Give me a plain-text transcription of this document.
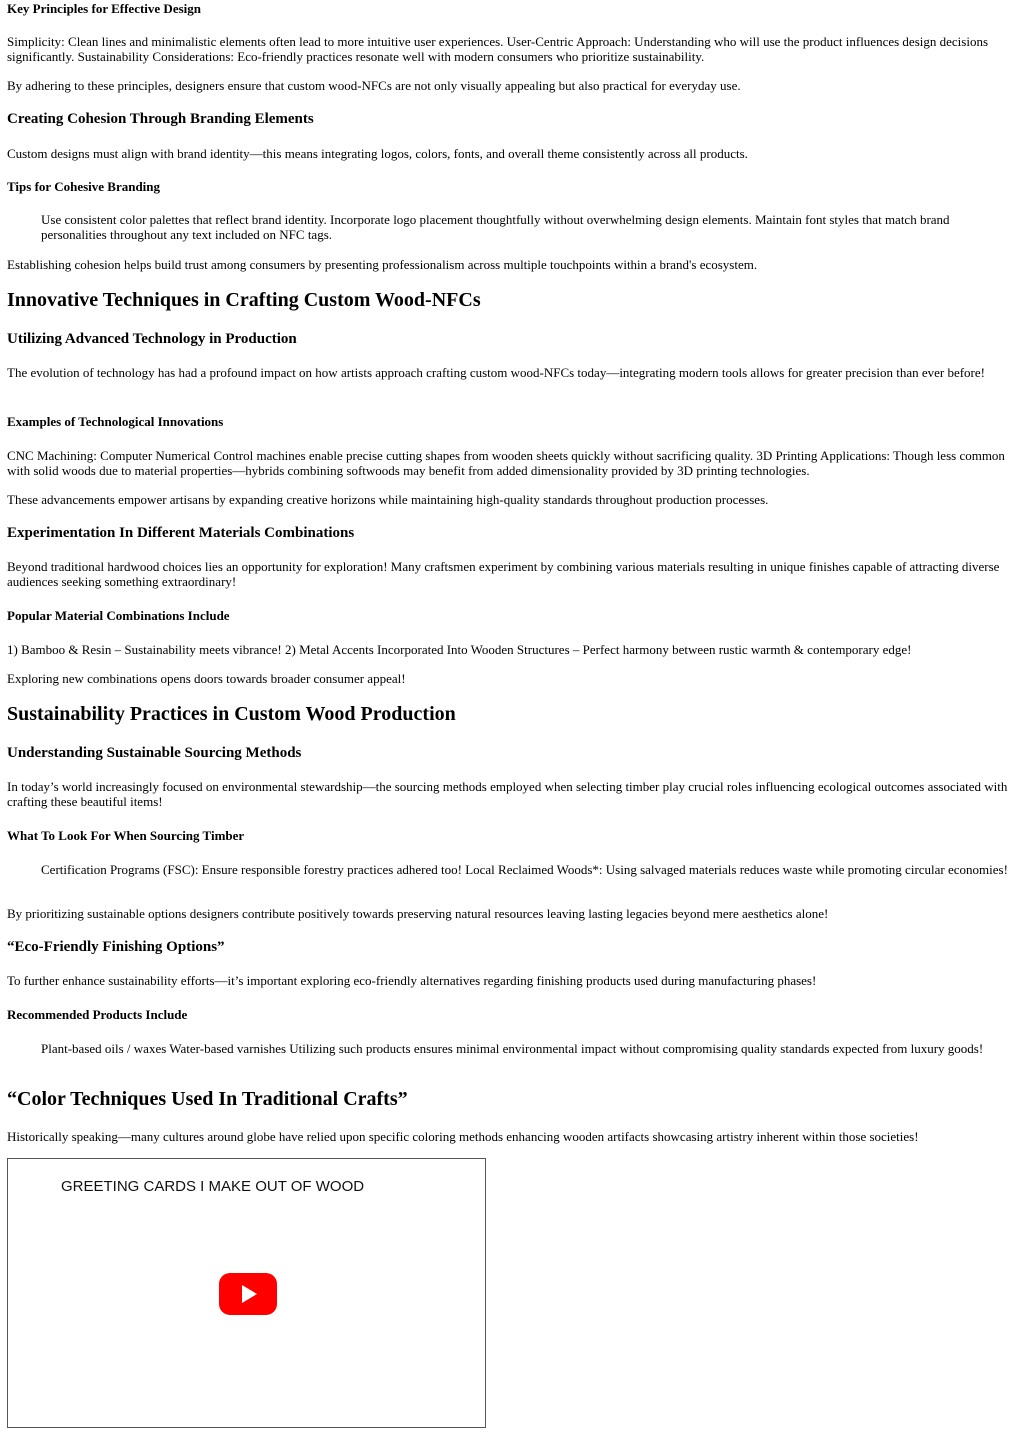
Key Principles for Effective Design

Simplicity: Clean lines and minimalistic elements often lead to more intuitive user experiences. User-Centric Approach: Understanding who will use the product influences design decisions significantly. Sustainability Considerations: Eco-friendly practices resonate well with modern consumers who prioritize sustainability.

By adhering to these principles, designers ensure that custom wood-NFCs are not only visually appealing but also practical for everyday use.

Creating Cohesion Through Branding Elements

Custom designs must align with brand identity—this means integrating logos, colors, fonts, and overall theme consistently across all products.

Tips for Cohesive Branding

Use consistent color palettes that reflect brand identity. Incorporate logo placement thoughtfully without overwhelming design elements. Maintain font styles that match brand personalities throughout any text included on NFC tags.

Establishing cohesion helps build trust among consumers by presenting professionalism across multiple touchpoints within a brand's ecosystem.

Innovative Techniques in Crafting Custom Wood-NFCs

Utilizing Advanced Technology in Production

The evolution of technology has had a profound impact on how artists approach crafting custom wood-NFCs today—integrating modern tools allows for greater precision than ever before!

Examples of Technological Innovations

CNC Machining: Computer Numerical Control machines enable precise cutting shapes from wooden sheets quickly without sacrificing quality. 3D Printing Applications: Though less common with solid woods due to material properties—hybrids combining softwoods may benefit from added dimensionality provided by 3D printing technologies.

These advancements empower artisans by expanding creative horizons while maintaining high-quality standards throughout production processes.

Experimentation In Different Materials Combinations

Beyond traditional hardwood choices lies an opportunity for exploration! Many craftsmen experiment by combining various materials resulting in unique finishes capable of attracting diverse audiences seeking something extraordinary!

Popular Material Combinations Include

1) Bamboo & Resin – Sustainability meets vibrance! 2) Metal Accents Incorporated Into Wooden Structures – Perfect harmony between rustic warmth & contemporary edge!

Exploring new combinations opens doors towards broader consumer appeal!

Sustainability Practices in Custom Wood Production

Understanding Sustainable Sourcing Methods

In today’s world increasingly focused on environmental stewardship—the sourcing methods employed when selecting timber play crucial roles influencing ecological outcomes associated with crafting these beautiful items!

What To Look For When Sourcing Timber

Certification Programs (FSC): Ensure responsible forestry practices adhered too! Local Reclaimed Woods*: Using salvaged materials reduces waste while promoting circular economies!

By prioritizing sustainable options designers contribute positively towards preserving natural resources leaving lasting legacies beyond mere aesthetics alone!

“Eco-Friendly Finishing Options”

To further enhance sustainability efforts—it’s important exploring eco-friendly alternatives regarding finishing products used during manufacturing phases!

Recommended Products Include

Plant-based oils / waxes Water-based varnishes Utilizing such products ensures minimal environmental impact without compromising quality standards expected from luxury goods!

“Color Techniques Used In Traditional Crafts”

Historically speaking—many cultures around globe have relied upon specific coloring methods enhancing wooden artifacts showcasing artistry inherent within those societies!

GREETING CARDS I MAKE OUT OF WOOD
